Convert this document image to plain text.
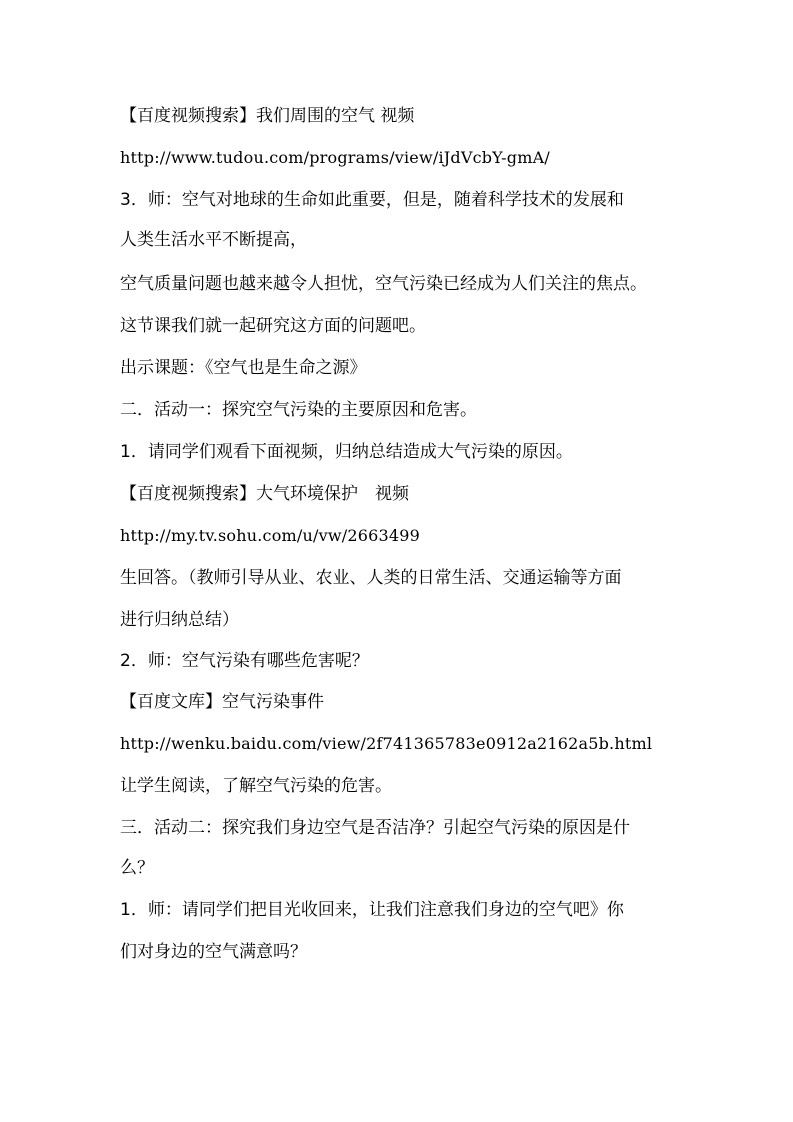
【百度视频搜索】我们周围的空气 视频
http://www.tudou.com/programs/view/iJdVcbY-gmA/
3．师：空气对地球的生命如此重要，但是，随着科学技术的发展和
人类生活水平不断提高，
空气质量问题也越来越令人担忧，空气污染已经成为人们关注的焦点。
这节课我们就一起研究这方面的问题吧。
出示课题：《空气也是生命之源》
二．活动一：探究空气污染的主要原因和危害。
1．请同学们观看下面视频，归纳总结造成大气污染的原因。
【百度视频搜索】大气环境保护　视频
http://my.tv.sohu.com/u/vw/2663499
生回答。（教师引导从业、农业、人类的日常生活、交通运输等方面
进行归纳总结）
2．师：空气污染有哪些危害呢？
【百度文库】空气污染事件
http://wenku.baidu.com/view/2f741365783e0912a2162a5b.html
让学生阅读，了解空气污染的危害。
三．活动二：探究我们身边空气是否洁净？引起空气污染的原因是什
么？
1．师：请同学们把目光收回来，让我们注意我们身边的空气吧》你
们对身边的空气满意吗？
